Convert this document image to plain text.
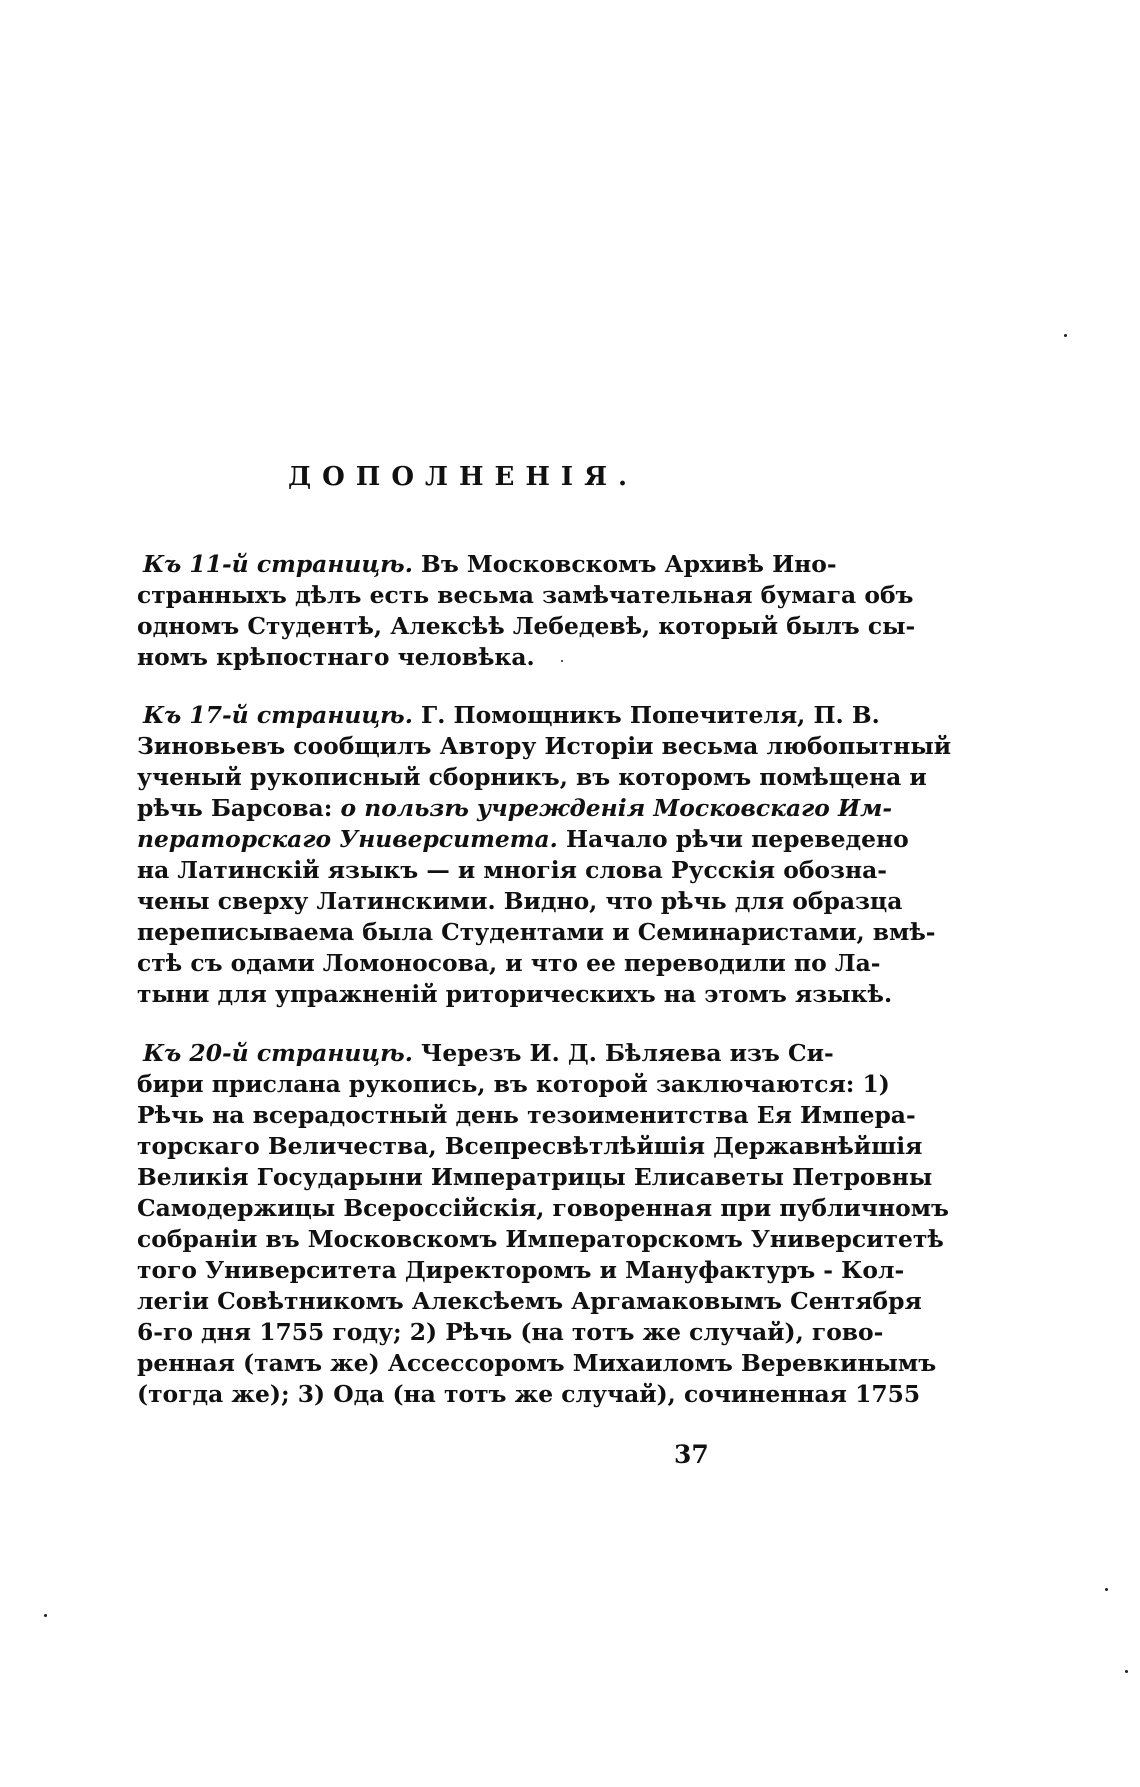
ДОПОЛНЕНІЯ.
Къ 11-й страницѣ. Въ Московскомъ Архивѣ Ино-
странныхъ дѣлъ есть весьма замѣчательная бумага объ
одномъ Студентѣ, Алексѣѣ Лебедевѣ, который былъ сы-
номъ крѣпостнаго человѣка.
Къ 17-й страницѣ. Г. Помощникъ Попечителя, П. В.
Зиновьевъ сообщилъ Автору Исторіи весьма любопытный
ученый рукописный сборникъ, въ которомъ помѣщена и
рѣчь Барсова: о пользѣ учрежденія Московскаго Им-
ператорскаго Университета. Начало рѣчи переведено
на Латинскій языкъ — и многія слова Русскія обозна-
чены сверху Латинскими. Видно, что рѣчь для образца
переписываема была Студентами и Семинаристами, вмѣ-
стѣ съ одами Ломоносова, и что ее переводили по Ла-
тыни для упражненій риторическихъ на этомъ языкѣ.
Къ 20-й страницѣ. Черезъ И. Д. Бѣляева изъ Си-
бири прислана рукопись, въ которой заключаются: 1)
Рѣчь на всерадостный день тезоименитства Ея Импера-
торскаго Величества, Всепресвѣтлѣйшія Державнѣйшія
Великія Государыни Императрицы Елисаветы Петровны
Самодержицы Всероссійскія, говоренная при публичномъ
собраніи въ Московскомъ Императорскомъ Университетѣ
того Университета Директоромъ и Мануфактуръ - Кол-
легіи Совѣтникомъ Алексѣемъ Аргамаковымъ Сентября
6-го дня 1755 году; 2) Рѣчь (на тотъ же случай), гово-
ренная (тамъ же) Ассессоромъ Михаиломъ Веревкинымъ
(тогда же); 3) Ода (на тотъ же случай), сочиненная 1755
37
